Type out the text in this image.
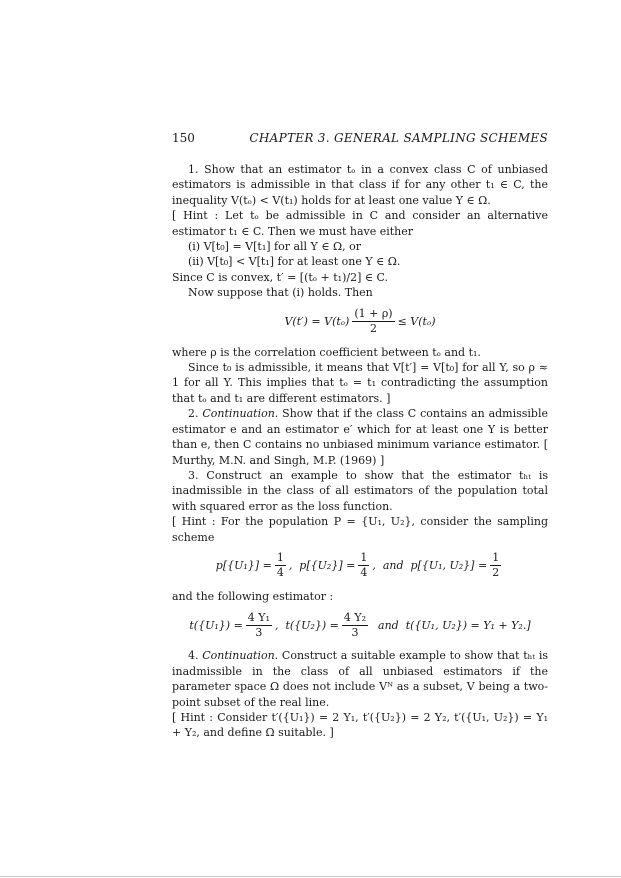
150	CHAPTER 3. GENERAL SAMPLING SCHEMES

1. Show that an estimator tₒ in a convex class C of unbiased estimators is admissible in that class if for any other t₁ ∈ C, the inequality V(tₒ) < V(t₁) holds for at least one value Y ∈ Ω.

[ Hint : Let tₒ be admissible in C and consider an alternative estimator t₁ ∈ C. Then we must have either

(i) V[t₀] = V[t₁] for all Y ∈ Ω, or

(ii) V[t₀] < V[t₁] for at least one Y ∈ Ω.

Since C is convex, t′ = [(tₒ + t₁)/2] ∈ C.

Now suppose that (i) holds. Then

$V(t') = V(t_o) \frac{(1 + \rho)}{2} \le V(t_o)$

where ρ is the correlation coefficient between tₒ and t₁.

Since t₀ is admissible, it means that V[t′] = V[t₀] for all Y, so ρ ≈ 1 for all Y. This implies that tₒ = t₁ contradicting the assumption that tₒ and t₁ are different estimators. ]

2. Continuation. Show that if the class C contains an admissible estimator e and an estimator e′ which for at least one Y is better than e, then C contains no unbiased minimum variance estimator. [ Murthy, M.N. and Singh, M.P. (1969) ]

3. Construct an example to show that the estimator tₕₜ is inadmissible in the class of all estimators of the population total with squared error as the loss function.

[ Hint : For the population P = {U₁, U₂}, consider the sampling scheme

$p[\{U_1\}] = \frac{1}{4}$ ,  $p[\{U_2\}] = \frac{1}{4}$ ,  and  p[{U₁, $U_2\}] = \frac{1}{2}$

and the following estimator :

$t(\{U_1\}) = \frac{\text{4 Y₁}}{3}$ ,  $t(\{U_2\}) = \frac{\text{4 Y₂}}{3}$ and  t({U₁, U₂}) = Y₁ + Y₂.]

4. Continuation. Construct a suitable example to show that tₕₜ is inadmissible in the class of all unbiased estimators if the parameter space Ω does not include Vᴺ as a subset, V being a two-point subset of the real line.

[ Hint : Consider t′({U₁}) = 2 Y₁, t′({U₂}) = 2 Y₂, t′({U₁, U₂}) = Y₁ + Y₂, and define Ω suitable. ]
